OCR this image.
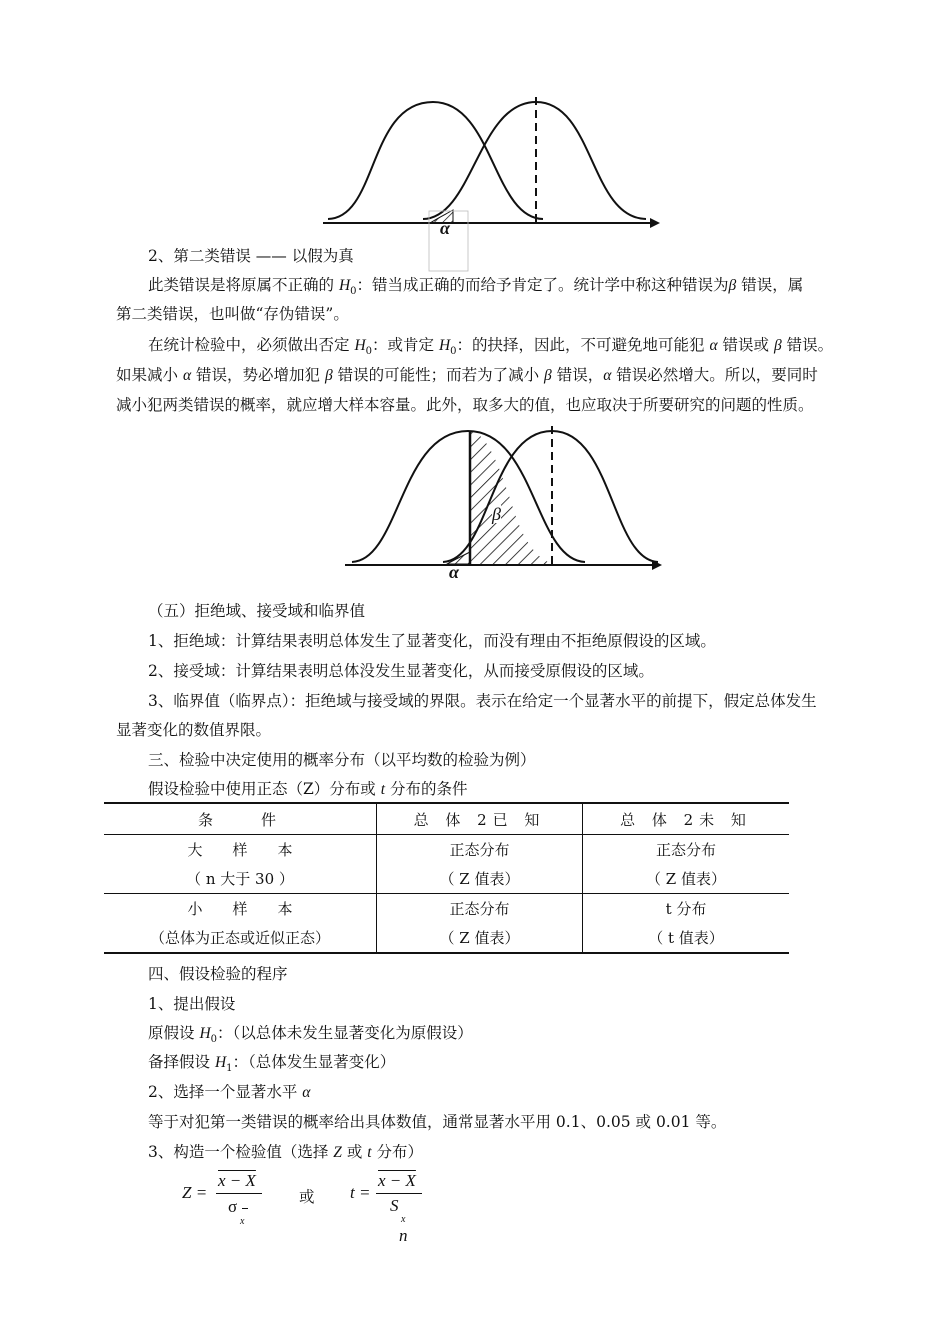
α
2、第二类错误 —— 以假为真
此类错误是将原属不正确的 $H_0$：错当成正确的而给予肯定了。统计学中称这种错误为β 错误，属
第二类错误，也叫做“存伪错误”。
在统计检验中，必须做出否定 $H_0$：或肯定 $H_0$：的抉择，因此，不可避免地可能犯 α 错误或 β 错误。
如果减小 α 错误，势必增加犯 β 错误的可能性；而若为了减小 β 错误，α 错误必然增大。所以，要同时
减小犯两类错误的概率，就应增大样本容量。此外，取多大的值，也应取决于所要研究的问题的性质。
β
α
（五）拒绝域、接受域和临界值
1、拒绝域：计算结果表明总体发生了显著变化，而没有理由不拒绝原假设的区域。
2、接受域：计算结果表明总体没发生显著变化，从而接受原假设的区域。
3、临界值（临界点）：拒绝域与接受域的界限。表示在给定一个显著水平的前提下，假定总体发生
显著变化的数值界限。
三、检验中决定使用的概率分布（以平均数的检验为例）
假设检验中使用正态（Z）分布或 t 分布的条件
条　　件	总 体 2已 知	总 体 2未 知
大　　样　　本	正态分布	正态分布
（ n 大于 30 ）	（ Z 值表）	（ Z 值表）
小　　样　　本	正态分布	t 分布
（总体为正态或近似正态）	（ Z 值表）	（ t 值表）
四、假设检验的程序
1、提出假设
原假设 $H_0$：（以总体未发生显著变化为原假设）
备择假设 $H_1$：（总体发生显著变化）
2、选择一个显著水平 α
等于对犯第一类错误的概率给出具体数值，通常显著水平用 0.1、0.05 或 0.01 等。
3、构造一个检验值（选择 Z 或 t 分布）
Z =
x − X
σ
x
或 t =
x − X
S
x
n
